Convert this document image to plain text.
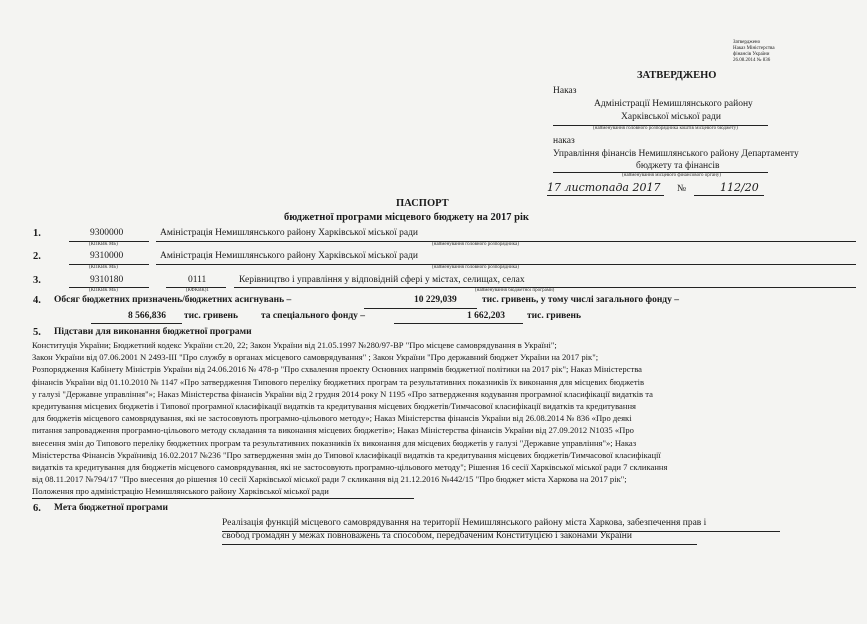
Затверджено
Наказ Міністерства
фінансів України
26.08.2014 № 836
ЗАТВЕРДЖЕНО
Наказ
Адміністрації Немишлянського району
Харківської міської ради
(найменування головного розпорядника коштів місцевого бюджету)
наказ
Управління фінансів Немишлянського району Департаменту
бюджету та фінансів
(найменування місцевого фінансового органу)
17 листопада 2017 №	112/20
ПАСПОРТ
бюджетної програми місцевого бюджету на 2017 рік
1.	9300000
(КПКВК МБ)
Аміністрація Немишлянського району Харківської міської ради
(найменування головного розпорядника)
2.	9310000
(КПКВК МБ)
Аміністрація Немишлянського району Харківської міської ради
(найменування головного розпорядника)
3.	9310180
(КПКВК МБ)
0111
(КФКВК)1
Керівництво і управління у відповідній сфері у містах, селищах, селах
(найменування бюджетної програми)
4. Обсяг бюджетних призначень/бюджетних асигнувань –	10 229,039	тис. гривень, у тому числі загального фонду –
8 566,836 тис. гривень та спеціального фонду –	1 662,203 тис. гривень
5. Підстави для виконання бюджетної програми
Конституція України; Бюджетний кодекс України ст.20, 22; Закон України від 21.05.1997 №280/97-ВР "Про місцеве самоврядування в Україні";
Закон України від 07.06.2001 N 2493-III "Про службу в органах місцевого самоврядування" ; Закон України "Про державний бюджет України на 2017 рік";
Розпорядження Кабінету Міністрів України від 24.06.2016 № 478-р "Про схвалення проекту Основних напрямів бюджетної політики на 2017 рік"; Наказ Міністерства
фінансів України від 01.10.2010 № 1147 «Про затвердження Типового переліку бюджетних програм та результативних показників їх виконання для місцевих бюджетів
у галузі "Державне управління"»; Наказ Міністерства фінансів України від 2 грудня 2014 року N 1195 «Про затвердження кодування програмної класифікації видатків та
кредитування місцевих бюджетів і Типової програмної класифікації видатків та кредитування місцевих бюджетів/Тимчасової класифікації видатків та кредитування
для бюджетів місцевого самоврядування, які не застосовують програмно-цільового методу»; Наказ Міністерства фінансів України від 26.08.2014 № 836 «Про деякі
питання запровадження програмно-цільового методу складання та виконання місцевих бюджетів»; Наказ Міністерства фінансів України від 27.09.2012 N1035 «Про
внесення змін до Типового переліку бюджетних програм та результативних показників їх виконання для місцевих бюджетів у галузі "Державне управління"»; Наказ
Міністерства Фінансів Українивід 16.02.2017 №236 "Про затвердження змін до Типової класифікації видатків та кредитування місцевих бюджетів/Тимчасової класифікації
видатків та кредитування для бюджетів місцевого самоврядування, які не застосовують програмно-цільового методу"; Рішення 16 сесії Харківської міської ради 7 скликання
від 08.11.2017 №794/17 "Про внесення до рішення 10 сесії Харківської міської ради 7 скликання від 21.12.2016 №442/15 "Про бюджет міста Харкова на 2017 рік";
Положення про адміністрацію Немишлянського району Харківської міської ради
6. Мета бюджетної програми
Реалізація функцій місцевого самоврядування на території Немишлянського району міста Харкова, забезпечення прав і
свобод громадян у межах повноважень та способом, передбаченим Конституцією і законами України
